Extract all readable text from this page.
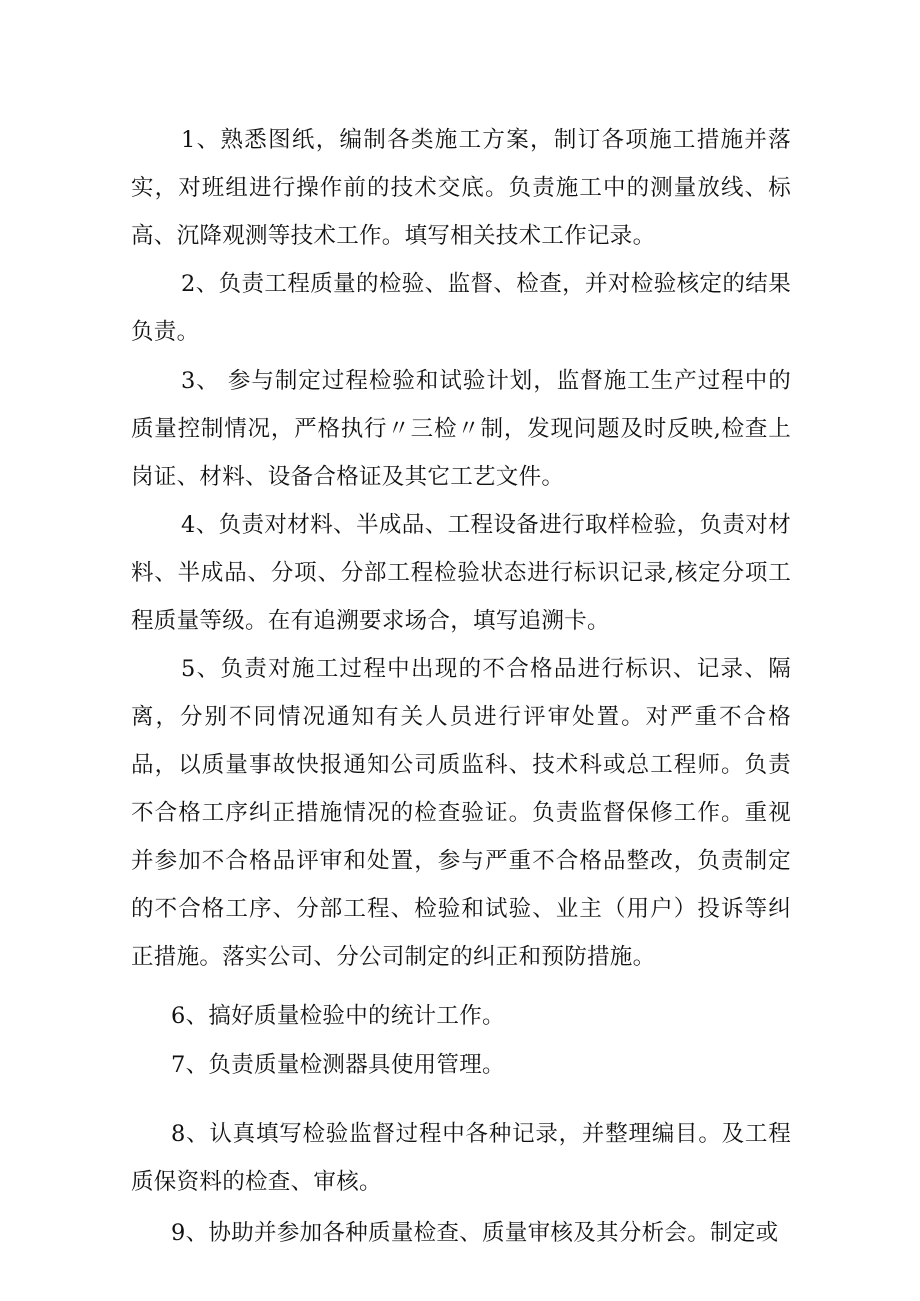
1、熟悉图纸，编制各类施工方案，制订各项施工措施并落实，对班组进行操作前的技术交底。负责施工中的测量放线、标高、沉降观测等技术工作。填写相关技术工作记录。

2、负责工程质量的检验、监督、检查，并对检验核定的结果负责。

3、 参与制定过程检验和试验计划，监督施工生产过程中的质量控制情况，严格执行〃三检〃制，发现问题及时反映,检查上岗证、材料、设备合格证及其它工艺文件。

4、负责对材料、半成品、工程设备进行取样检验，负责对材料、半成品、分项、分部工程检验状态进行标识记录,核定分项工程质量等级。在有追溯要求场合，填写追溯卡。

5、负责对施工过程中出现的不合格品进行标识、记录、隔离，分别不同情况通知有关人员进行评审处置。对严重不合格品，以质量事故快报通知公司质监科、技术科或总工程师。负责不合格工序纠正措施情况的检查验证。负责监督保修工作。重视并参加不合格品评审和处置，参与严重不合格品整改，负责制定的不合格工序、分部工程、检验和试验、业主（用户）投诉等纠正措施。落实公司、分公司制定的纠正和预防措施。

6、搞好质量检验中的统计工作。

7、负责质量检测器具使用管理。

8、认真填写检验监督过程中各种记录，并整理编目。及工程质保资料的检查、审核。

9、协助并参加各种质量检查、质量审核及其分析会。制定或
